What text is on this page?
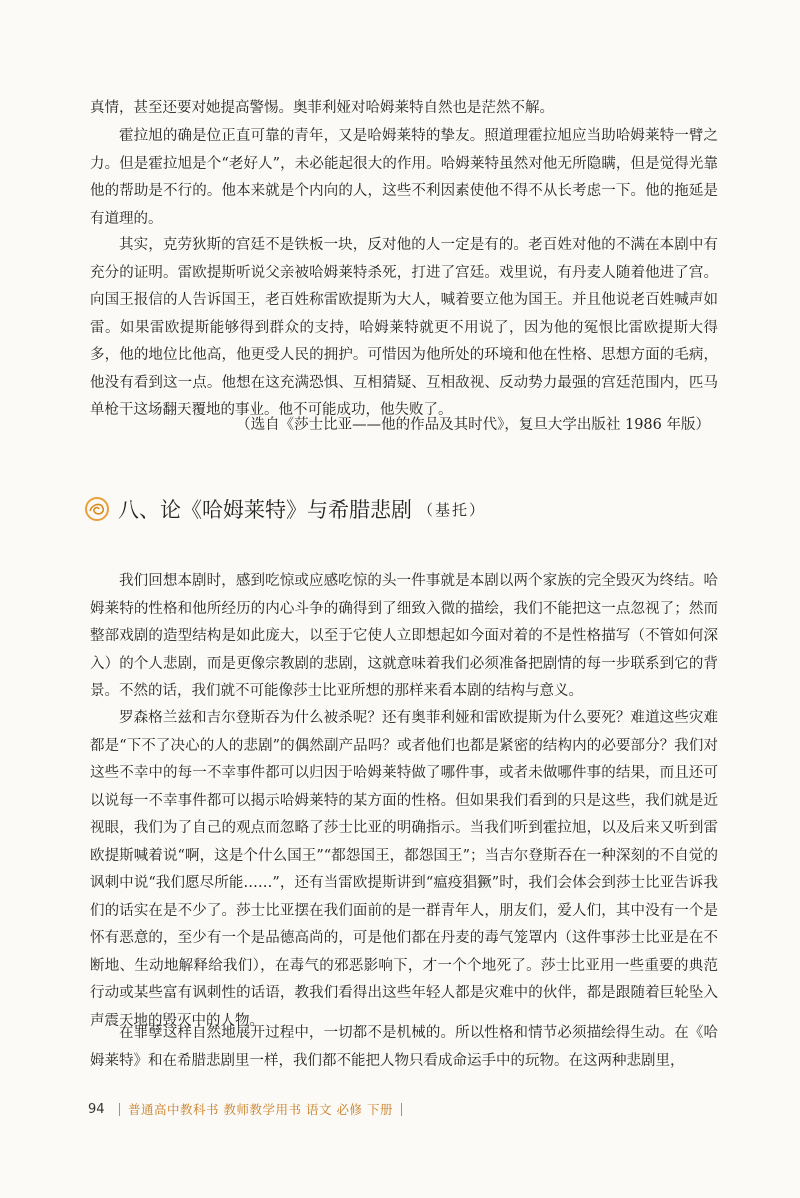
真情，甚至还要对她提高警惕。奥菲利娅对哈姆莱特自然也是茫然不解。

霍拉旭的确是位正直可靠的青年，又是哈姆莱特的挚友。照道理霍拉旭应当助哈姆莱特一臂之力。但是霍拉旭是个“老好人”，未必能起很大的作用。哈姆莱特虽然对他无所隐瞒，但是觉得光靠他的帮助是不行的。他本来就是个内向的人，这些不利因素使他不得不从长考虑一下。他的拖延是有道理的。

其实，克劳狄斯的宫廷不是铁板一块，反对他的人一定是有的。老百姓对他的不满在本剧中有充分的证明。雷欧提斯听说父亲被哈姆莱特杀死，打进了宫廷。戏里说，有丹麦人随着他进了宫。向国王报信的人告诉国王，老百姓称雷欧提斯为大人，喊着要立他为国王。并且他说老百姓喊声如雷。如果雷欧提斯能够得到群众的支持，哈姆莱特就更不用说了，因为他的冤恨比雷欧提斯大得多，他的地位比他高，他更受人民的拥护。可惜因为他所处的环境和他在性格、思想方面的毛病，他没有看到这一点。他想在这充满恐惧、互相猜疑、互相敌视、反动势力最强的宫廷范围内，匹马单枪干这场翻天覆地的事业。他不可能成功，他失败了。

（选自《莎士比亚——他的作品及其时代》，复旦大学出版社 1986 年版）
八、论《哈姆莱特》与希腊悲剧 （基托）

我们回想本剧时，感到吃惊或应感吃惊的头一件事就是本剧以两个家族的完全毁灭为终结。哈姆莱特的性格和他所经历的内心斗争的确得到了细致入微的描绘，我们不能把这一点忽视了；然而整部戏剧的造型结构是如此庞大，以至于它使人立即想起如今面对着的不是性格描写（不管如何深入）的个人悲剧，而是更像宗教剧的悲剧，这就意味着我们必须准备把剧情的每一步联系到它的背景。不然的话，我们就不可能像莎士比亚所想的那样来看本剧的结构与意义。

罗森格兰兹和吉尔登斯吞为什么被杀呢？还有奥菲利娅和雷欧提斯为什么要死？难道这些灾难都是“下不了决心的人的悲剧”的偶然副产品吗？或者他们也都是紧密的结构内的必要部分？我们对这些不幸中的每一不幸事件都可以归因于哈姆莱特做了哪件事，或者未做哪件事的结果，而且还可以说每一不幸事件都可以揭示哈姆莱特的某方面的性格。但如果我们看到的只是这些，我们就是近视眼，我们为了自己的观点而忽略了莎士比亚的明确指示。当我们听到霍拉旭，以及后来又听到雷欧提斯喊着说“啊，这是个什么国王”“都怨国王，都怨国王”；当吉尔登斯吞在一种深刻的不自觉的讽刺中说“我们愿尽所能……”，还有当雷欧提斯讲到“瘟疫猖獗”时，我们会体会到莎士比亚告诉我们的话实在是不少了。莎士比亚摆在我们面前的是一群青年人，朋友们，爱人们，其中没有一个是怀有恶意的，至少有一个是品德高尚的，可是他们都在丹麦的毒气笼罩内（这件事莎士比亚是在不断地、生动地解释给我们），在毒气的邪恶影响下，才一个个地死了。莎士比亚用一些重要的典范行动或某些富有讽刺性的话语，教我们看得出这些年轻人都是灾难中的伙伴，都是跟随着巨轮坠入声震天地的毁灭中的人物。

在罪孽这样自然地展开过程中，一切都不是机械的。所以性格和情节必须描绘得生动。在《哈姆莱特》和在希腊悲剧里一样，我们都不能把人物只看成命运手中的玩物。在这两种悲剧里，

94 普通高中教科书 教师教学用书 语文 必修 下册
